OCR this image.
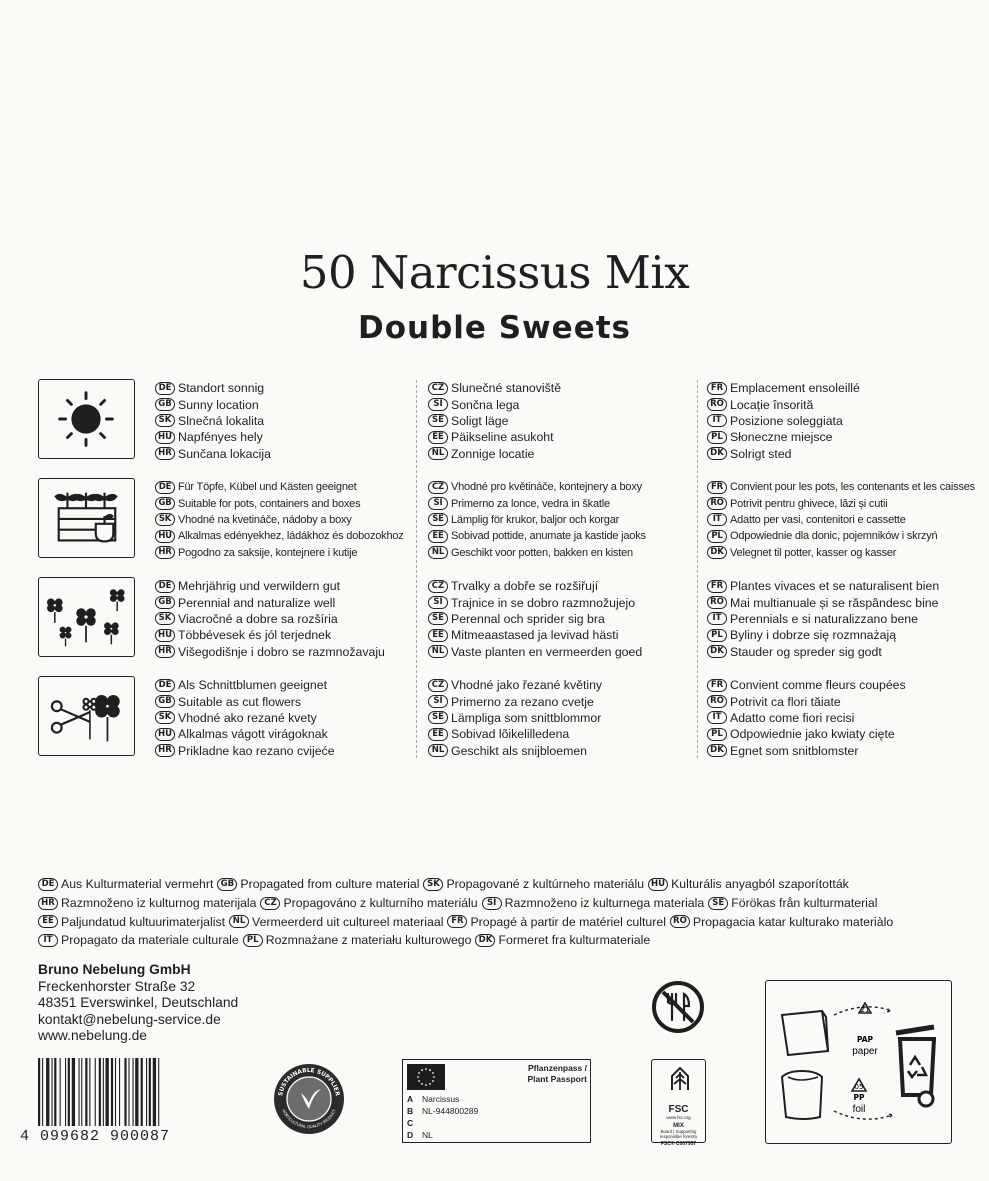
50 Narcissus Mix
Double Sweets
DE Standort sonnig
GB Sunny location
SK Slnečná lokalita
HU Napfényes hely
HR Sunčana lokacija
CZ Slunečné stanoviště
SI Sončna lega
SE Soligt läge
EE Päikseline asukoht
NL Zonnige locatie
FR Emplacement ensoleillé
RO Locație însorită
IT Posizione soleggiata
PL Słoneczne miejsce
DK Solrigt sted
DE Für Töpfe, Kübel und Kästen geeignet
GB Suitable for pots, containers and boxes
SK Vhodné na kvetináče, nádoby a boxy
HU Alkalmas edényekhez, ládákhoz és dobozokhoz
HR Pogodno za saksije, kontejnere i kutije
CZ Vhodné pro květináče, kontejnery a boxy
SI Primerno za lonce, vedra in škatle
SE Lämplig för krukor, baljor och korgar
EE Sobivad pottide, anumate ja kastide jaoks
NL Geschikt voor potten, bakken en kisten
FR Convient pour les pots, les contenants et les caisses
RO Potrivit pentru ghivece, lăzi și cutii
IT Adatto per vasi, contenitori e cassette
PL Odpowiednie dla donic, pojemników i skrzyń
DK Velegnet til potter, kasser og kasser
DE Mehrjährig und verwildern gut
GB Perennial and naturalize well
SK Viacročné a dobre sa rozšíria
HU Többévesek és jól terjednek
HR Višegodišnje i dobro se razmnožavaju
CZ Trvalky a dobře se rozšiřují
SI Trajnice in se dobro razmnožujejo
SE Perennal och sprider sig bra
EE Mitmeaastased ja levivad hästi
NL Vaste planten en vermeerden goed
FR Plantes vivaces et se naturalisent bien
RO Mai multianuale și se răspândesc bine
IT Perennials e si naturalizzano bene
PL Byliny i dobrze się rozmnażają
DK Stauder og spreder sig godt
DE Als Schnittblumen geeignet
GB Suitable as cut flowers
SK Vhodné ako rezané kvety
HU Alkalmas vágott virágoknak
HR Prikladne kao rezano cvijeće
CZ Vhodné jako řezané květiny
SI Primerno za rezano cvetje
SE Lämpliga som snittblommor
EE Sobivad lõikelilledena
NL Geschikt als snijbloemen
FR Convient comme fleurs coupées
RO Potrivit ca flori tăiate
IT Adatto come fiori recisi
PL Odpowiednie jako kwiaty cięte
DK Egnet som snitblomster
DE Aus Kulturmaterial vermehrt GB Propagated from culture material SK Propagované z kultúrneho materiálu HU Kulturális anyagból szaporították
HR Razmnoženo iz kulturnog materijala CZ Propagováno z kulturního materiálu	SI Razmnoženo iz kulturnega materiala SE Förökas från kulturmaterial
EE Paljundatud kultuurimaterjalist NL Vermeerderd uit cultureel materiaal FR Propagé à partir de matériel culturel RO Propagacia katar kulturako materiàlo
IT Propagato da materiale culturale PL Rozmnażane z materiału kulturowego DK Formeret fra kulturmateriale
Bruno Nebelung GmbH
Freckenhorster Straße 32
48351 Everswinkel, Deutschland
kontakt@nebelung-service.de
www.nebelung.de
4 099682 900087
SUSTAINABLE SUPPLIER
HORTICULTURAL QUALITY PRODUCT
Pflanzenpass / Plant Passport
A	Narcissus
B	NL-944800289
C
D	NL
FSC
www.fsc.org
MIX
Board | Supporting responsible forestry
FSC® C007957
21
PAP
paper
05
PP
foil
